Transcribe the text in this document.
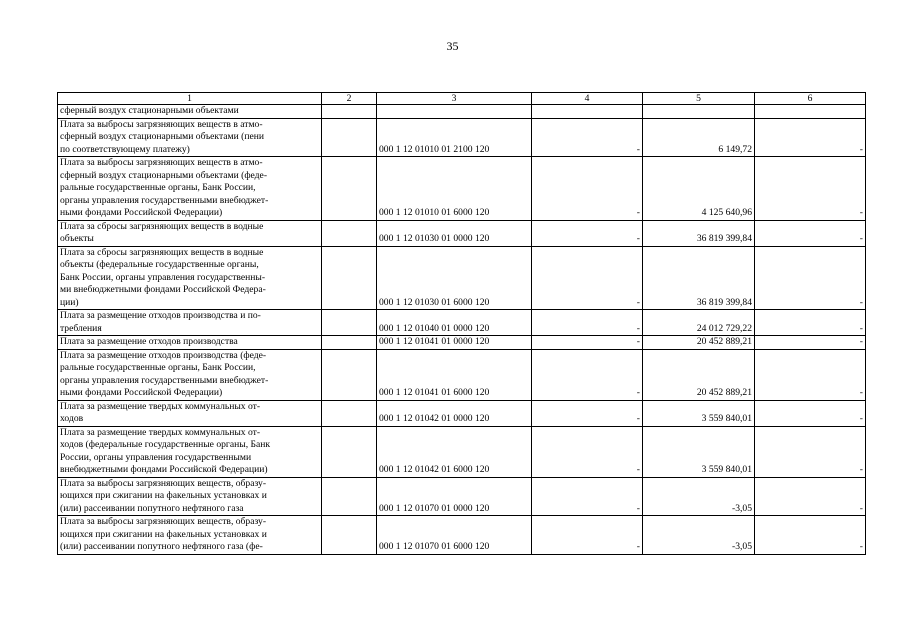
35
1	2	3	4	5	6

сферный воздух стационарными объектами					

Плата за выбросы загрязняющих веществ в атмо-
сферный воздух стационарными объектами (пени
по соответствующему платежу)		000 1 12 01010 01 2100 120	-	6 149,72	-

Плата за выбросы загрязняющих веществ в атмо-
сферный воздух стационарными объектами (феде-
ральные государственные органы, Банк России,
органы управления государственными внебюджет-
ными фондами Российской Федерации)		000 1 12 01010 01 6000 120	-	4 125 640,96	-

Плата за сбросы загрязняющих веществ в водные
объекты		000 1 12 01030 01 0000 120	-	36 819 399,84	-

Плата за сбросы загрязняющих веществ в водные
объекты (федеральные государственные органы,
Банк России, органы управления государственны-
ми внебюджетными фондами Российской Федера-
ции)		000 1 12 01030 01 6000 120	-	36 819 399,84	-

Плата за размещение отходов производства и по-
требления		000 1 12 01040 01 0000 120	-	24 012 729,22	-

Плата за размещение отходов производства		000 1 12 01041 01 0000 120	-	20 452 889,21	-

Плата за размещение отходов производства (феде-
ральные государственные органы, Банк России,
органы управления государственными внебюджет-
ными фондами Российской Федерации)		000 1 12 01041 01 6000 120	-	20 452 889,21	-

Плата за размещение твердых коммунальных от-
ходов		000 1 12 01042 01 0000 120	-	3 559 840,01	-

Плата за размещение твердых коммунальных от-
ходов (федеральные государственные органы, Банк
России, органы управления государственными
внебюджетными фондами Российской Федерации)		000 1 12 01042 01 6000 120	-	3 559 840,01	-

Плата за выбросы загрязняющих веществ, образу-
ющихся при сжигании на факельных установках и
(или) рассеивании попутного нефтяного газа		000 1 12 01070 01 0000 120	-	-3,05	-

Плата за выбросы загрязняющих веществ, образу-
ющихся при сжигании на факельных установках и
(или) рассеивании попутного нефтяного газа (фе-		000 1 12 01070 01 6000 120	-	-3,05	-
